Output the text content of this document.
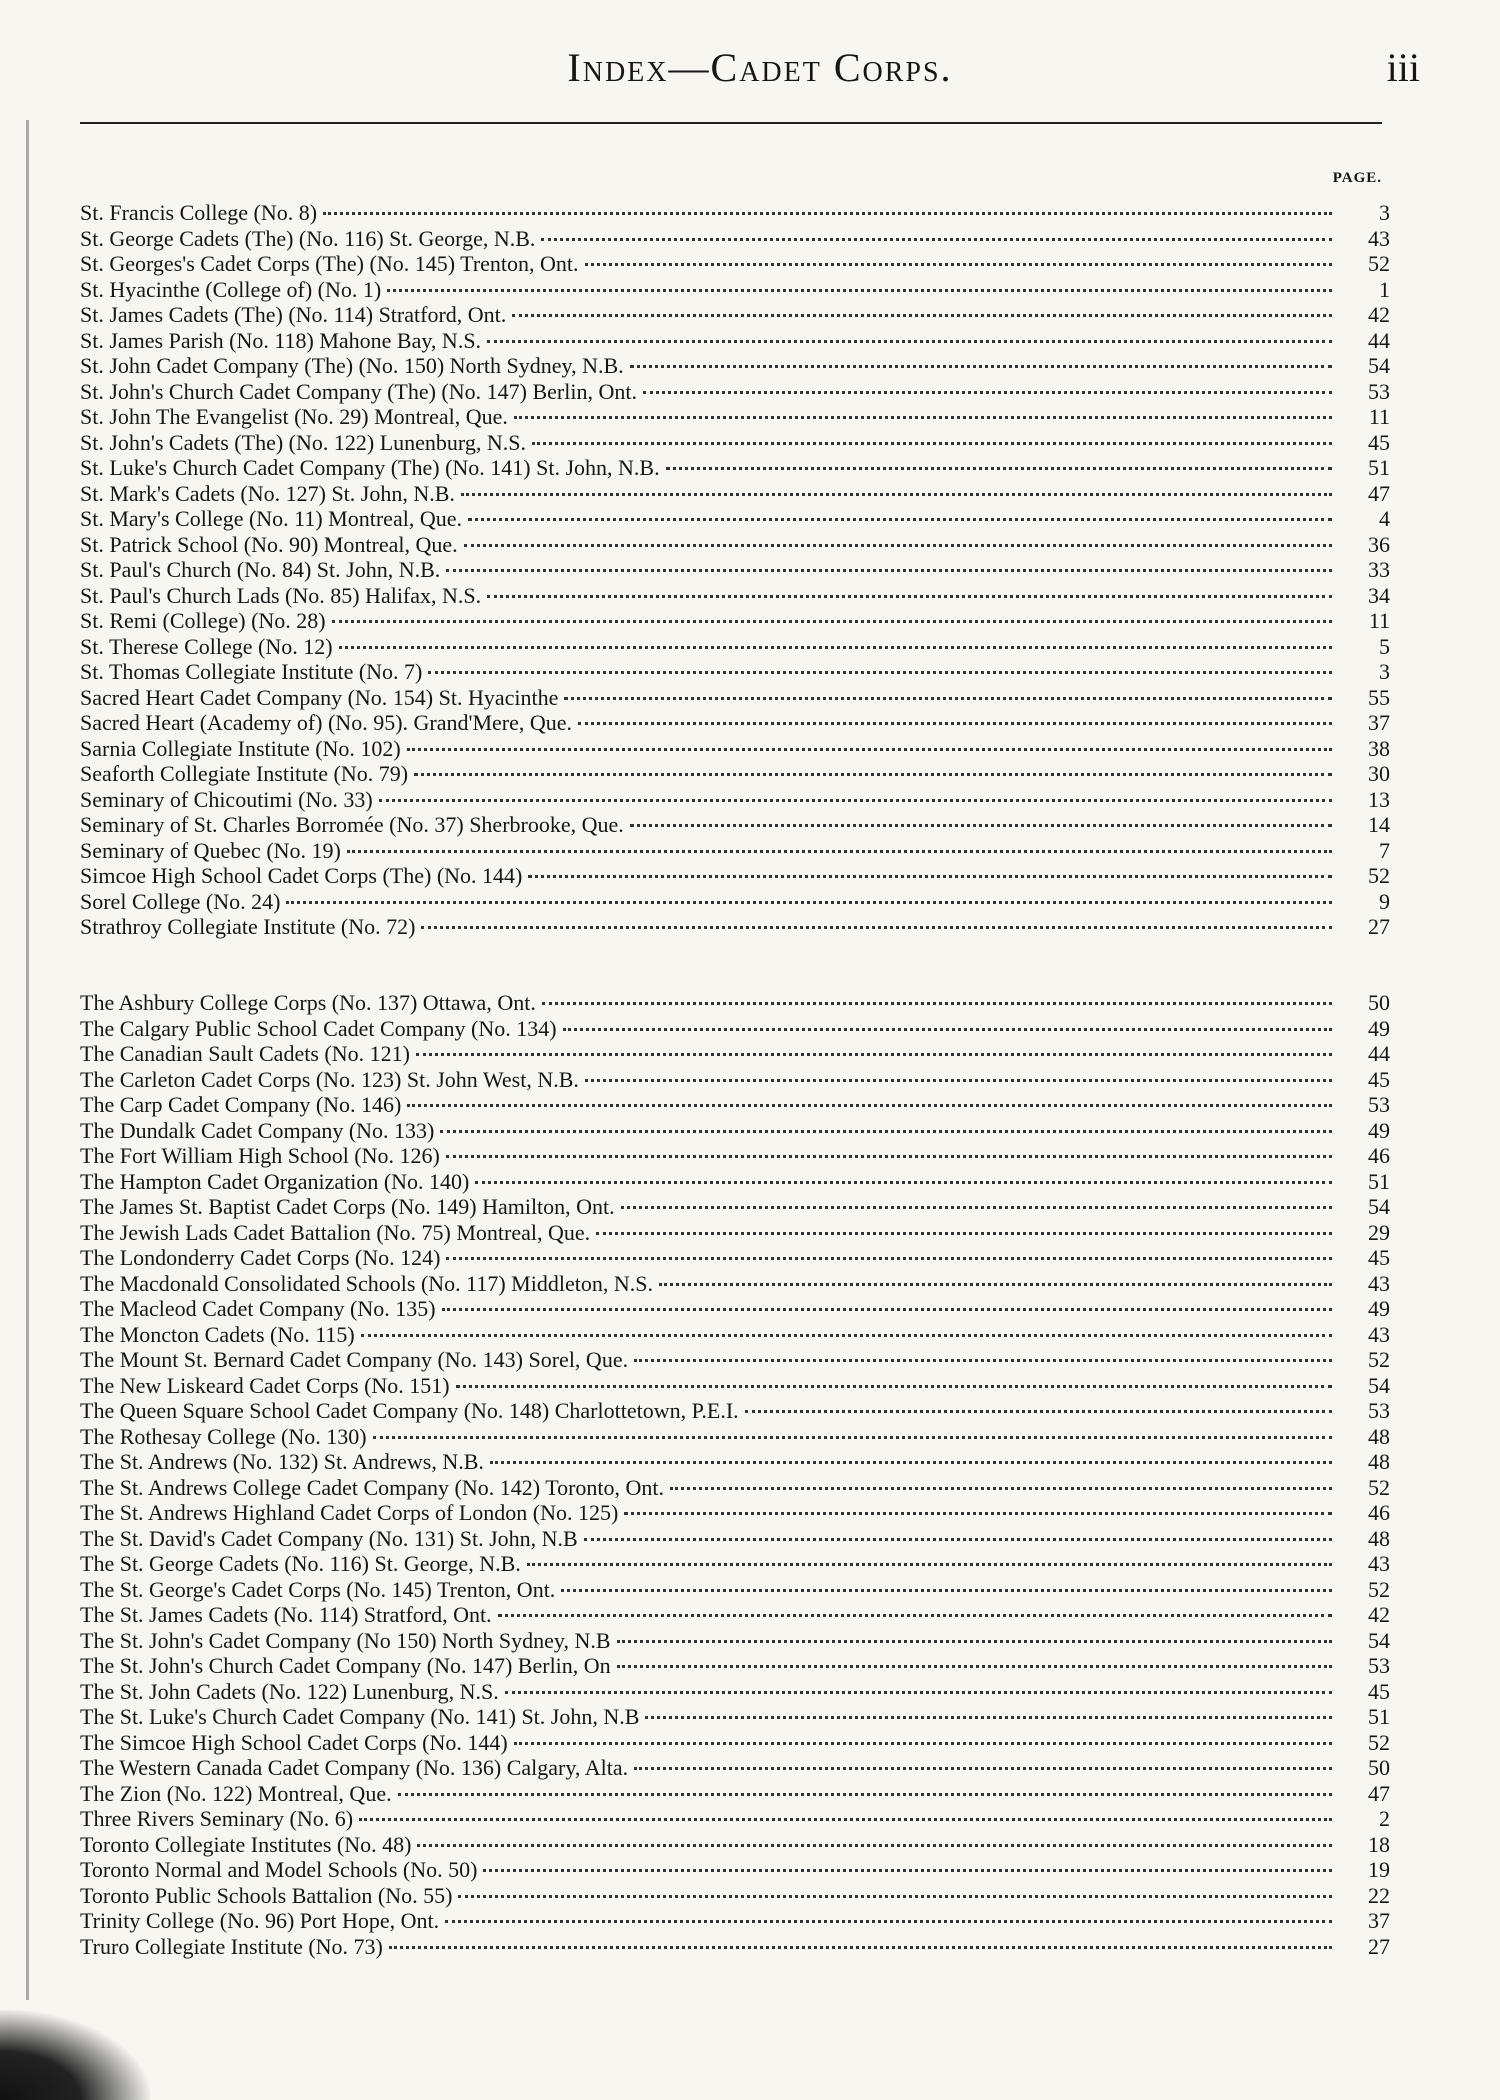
Index—Cadet Corps.	iii
PAGE.
St. Francis College (No. 8)	3
St. George Cadets (The) (No. 116) St. George, N.B.	43
St. Georges's Cadet Corps (The) (No. 145) Trenton, Ont.	52
St. Hyacinthe (College of) (No. 1)	1
St. James Cadets (The) (No. 114) Stratford, Ont.	42
St. James Parish (No. 118) Mahone Bay, N.S.	44
St. John Cadet Company (The) (No. 150) North Sydney, N.B.	54
St. John's Church Cadet Company (The) (No. 147) Berlin, Ont.	53
St. John The Evangelist (No. 29) Montreal, Que.	11
St. John's Cadets (The) (No. 122) Lunenburg, N.S.	45
St. Luke's Church Cadet Company (The) (No. 141) St. John, N.B.	51
St. Mark's Cadets (No. 127) St. John, N.B.	47
St. Mary's College (No. 11) Montreal, Que.	4
St. Patrick School (No. 90) Montreal, Que.	36
St. Paul's Church (No. 84) St. John, N.B.	33
St. Paul's Church Lads (No. 85) Halifax, N.S.	34
St. Remi (College) (No. 28)	11
St. Therese College (No. 12)	5
St. Thomas Collegiate Institute (No. 7)	3
Sacred Heart Cadet Company (No. 154) St. Hyacinthe	55
Sacred Heart (Academy of) (No. 95). Grand'Mere, Que.	37
Sarnia Collegiate Institute (No. 102)	38
Seaforth Collegiate Institute (No. 79)	30
Seminary of Chicoutimi (No. 33)	13
Seminary of St. Charles Borromée (No. 37) Sherbrooke, Que.	14
Seminary of Quebec (No. 19)	7
Simcoe High School Cadet Corps (The) (No. 144)	52
Sorel College (No. 24)	9
Strathroy Collegiate Institute (No. 72)	27
The Ashbury College Corps (No. 137) Ottawa, Ont.	50
The Calgary Public School Cadet Company (No. 134)	49
The Canadian Sault Cadets (No. 121)	44
The Carleton Cadet Corps (No. 123) St. John West, N.B.	45
The Carp Cadet Company (No. 146)	53
The Dundalk Cadet Company (No. 133)	49
The Fort William High School (No. 126)	46
The Hampton Cadet Organization (No. 140)	51
The James St. Baptist Cadet Corps (No. 149) Hamilton, Ont.	54
The Jewish Lads Cadet Battalion (No. 75) Montreal, Que.	29
The Londonderry Cadet Corps (No. 124)	45
The Macdonald Consolidated Schools (No. 117) Middleton, N.S.	43
The Macleod Cadet Company (No. 135)	49
The Moncton Cadets (No. 115)	43
The Mount St. Bernard Cadet Company (No. 143) Sorel, Que.	52
The New Liskeard Cadet Corps (No. 151)	54
The Queen Square School Cadet Company (No. 148) Charlottetown, P.E.I.	53
The Rothesay College (No. 130)	48
The St. Andrews (No. 132) St. Andrews, N.B.	48
The St. Andrews College Cadet Company (No. 142) Toronto, Ont.	52
The St. Andrews Highland Cadet Corps of London (No. 125)	46
The St. David's Cadet Company (No. 131) St. John, N.B	48
The St. George Cadets (No. 116) St. George, N.B.	43
The St. George's Cadet Corps (No. 145) Trenton, Ont.	52
The St. James Cadets (No. 114) Stratford, Ont.	42
The St. John's Cadet Company (No 150) North Sydney, N.B	54
The St. John's Church Cadet Company (No. 147) Berlin, On	53
The St. John Cadets (No. 122) Lunenburg, N.S.	45
The St. Luke's Church Cadet Company (No. 141) St. John, N.B	51
The Simcoe High School Cadet Corps (No. 144)	52
The Western Canada Cadet Company (No. 136) Calgary, Alta.	50
The Zion (No. 122) Montreal, Que.	47
Three Rivers Seminary (No. 6)	2
Toronto Collegiate Institutes (No. 48)	18
Toronto Normal and Model Schools (No. 50)	19
Toronto Public Schools Battalion (No. 55)	22
Trinity College (No. 96) Port Hope, Ont.	37
Truro Collegiate Institute (No. 73)	27
